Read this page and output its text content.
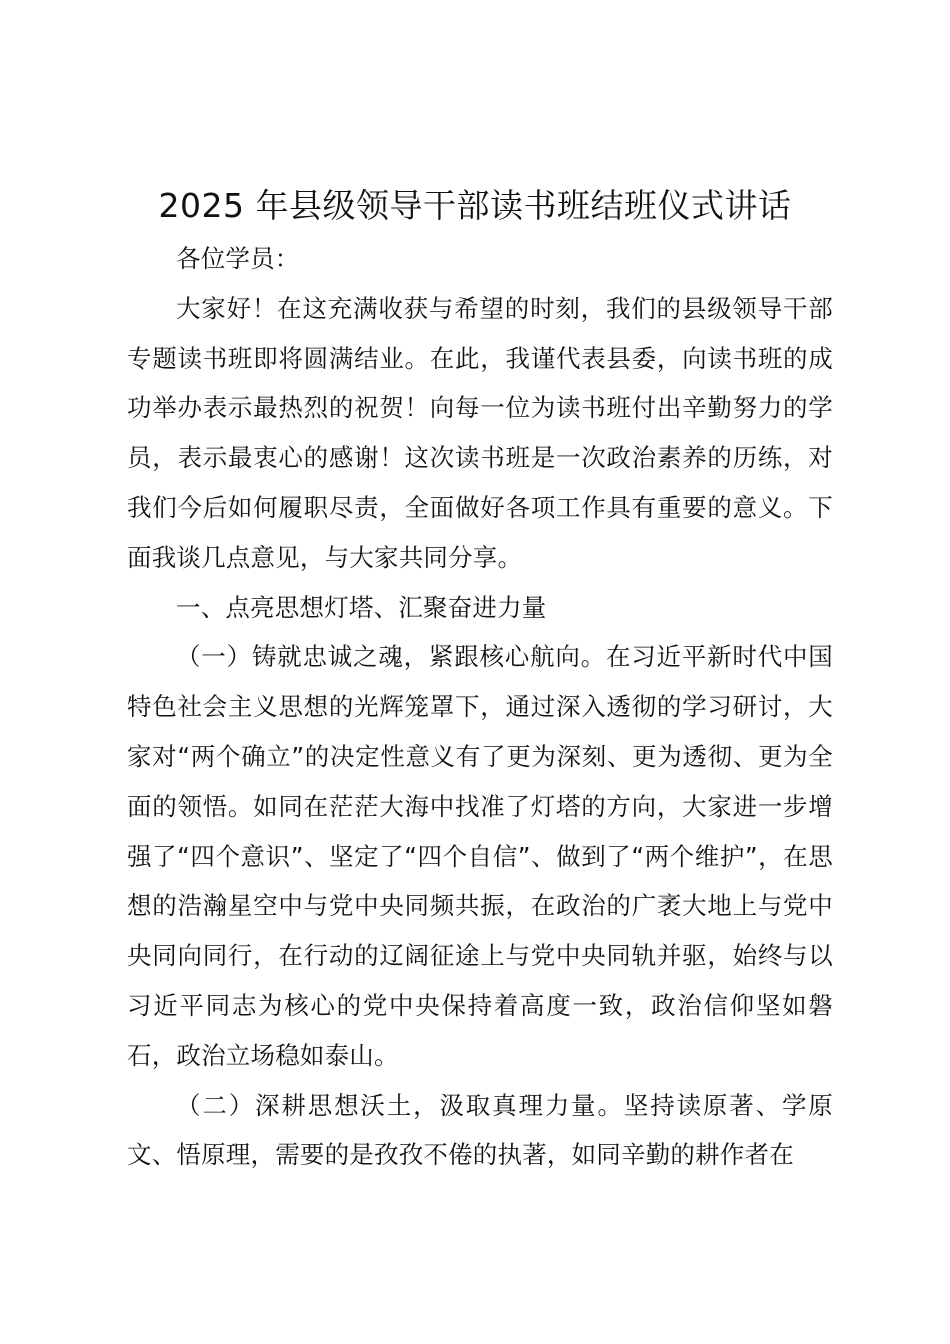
2025 年县级领导干部读书班结班仪式讲话

各位学员：

大家好！在这充满收获与希望的时刻，我们的县级领导干部专题读书班即将圆满结业。在此，我谨代表县委，向读书班的成功举办表示最热烈的祝贺！向每一位为读书班付出辛勤努力的学员，表示最衷心的感谢！这次读书班是一次政治素养的历练，对我们今后如何履职尽责，全面做好各项工作具有重要的意义。下面我谈几点意见，与大家共同分享。

一、点亮思想灯塔、汇聚奋进力量

（一）铸就忠诚之魂，紧跟核心航向。在习近平新时代中国特色社会主义思想的光辉笼罩下，通过深入透彻的学习研讨，大家对“两个确立”的决定性意义有了更为深刻、更为透彻、更为全面的领悟。如同在茫茫大海中找准了灯塔的方向，大家进一步增强了“四个意识”、坚定了“四个自信”、做到了“两个维护”，在思想的浩瀚星空中与党中央同频共振，在政治的广袤大地上与党中央同向同行，在行动的辽阔征途上与党中央同轨并驱，始终与以习近平同志为核心的党中央保持着高度一致，政治信仰坚如磐石，政治立场稳如泰山。

（二）深耕思想沃土，汲取真理力量。坚持读原著、学原文、悟原理，需要的是孜孜不倦的执著，如同辛勤的耕作者在
